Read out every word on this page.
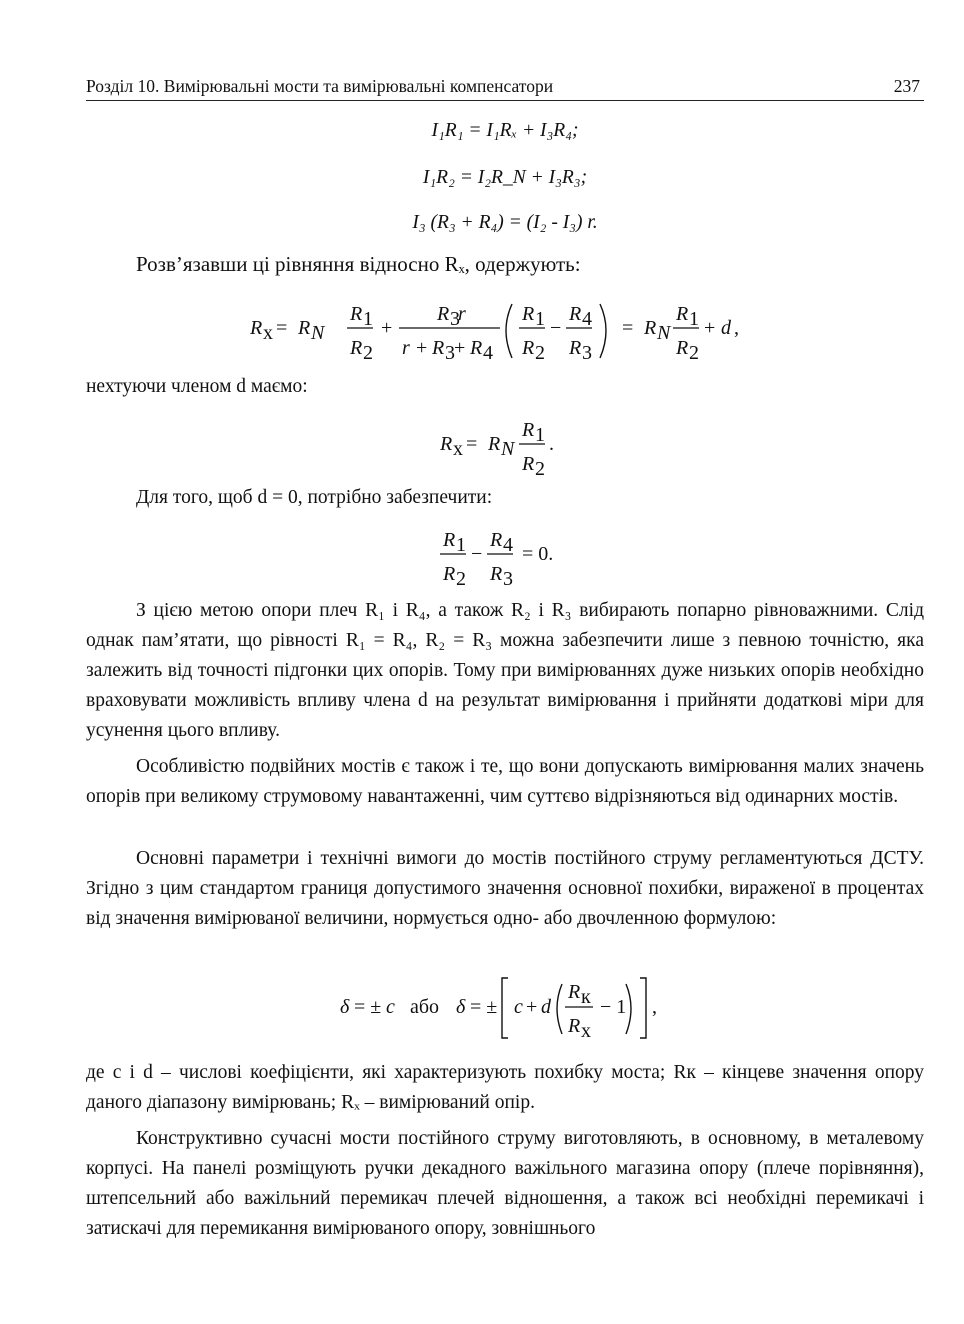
Розділ 10. Вимірювальні мости та вимірювальні компенсатори	237
I₁R₁ = I₁Rₓ + I₃R₄;
I₁R₂ = I₂R_N + I₃R₃;
I₃ (R₃ + R₄) = (I₂ - I₃) r.
Розв’язавши ці рівняння відносно Rₓ, одержують:
R x = R N
R 1
R 2
+
R 3
r
r + R 3 + R 4
R 1
R 2
−
R 4
R 3
= R N
R 1
R 2
+ d ,
нехтуючи членом d маємо:
R x = R N
R 1
R 2
.
Для того, щоб d = 0, потрібно забезпечити:
R 1
R 2
−
R 4
R 3
= 0.

З цією метою опори плеч R₁ і R₄, а також R₂ і R₃ вибирають попарно рівноважними. Слід однак пам’ятати, що рівності R₁ = R₄, R₂ = R₃ можна забезпечити лише з певною точністю, яка залежить від точності підгонки цих опорів. Тому при вимірюваннях дуже низьких опорів необхідно враховувати можливість впливу члена d на результат вимірювання і прийняти додаткові міри для усунення цього впливу.

Особливістю подвійних мостів є також і те, що вони допускають вимірювання малих значень опорів при великому струмовому навантаженні, чим суттєво відрізняються від одинарних мостів.

Основні параметри і технічні вимоги до мостів постійного струму регламентуються ДСТУ. Згідно з цим стандартом границя допустимого значення основної похибки, вираженої в процентах від значення вимірюваної величини, нормується одно- або двочленною формулою:

δ = ± c або δ = ± c + d
R к
R x
− 1 ,

де c і d – числові коефіцієнти, які характеризують похибку моста; Rк – кінцеве значення опору даного діапазону вимірювань; Rₓ – вимірюваний опір.

Конструктивно сучасні мости постійного струму виготовляють, в основному, в металевому корпусі. На панелі розміщують ручки декадного важільного магазина опору (плече порівняння), штепсельний або важільний перемикач плечей відношення, а також всі необхідні перемикачі і затискачі для перемикання вимірюваного опору, зовнішнього
